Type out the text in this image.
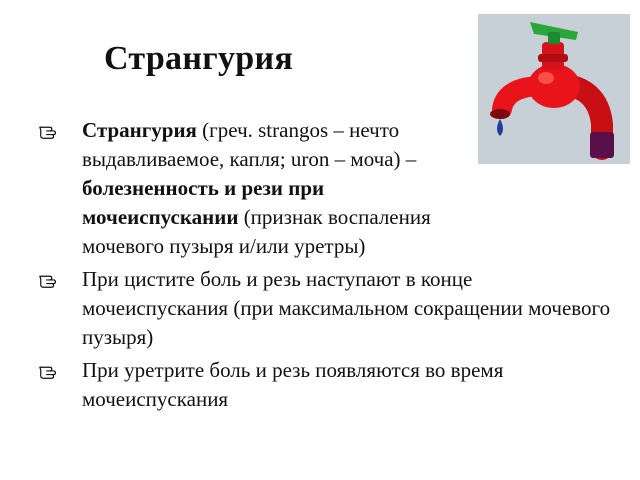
Странгурия
Странгурия (греч. strangos – нечто выдавливаемое, капля; uron – моча) – болезненность и рези при мочеиспускании (признак воспаления мочевого пузыря и/или уретры)
При цистите боль и резь наступают в конце мочеиспускания (при максимальном сокращении мочевого пузыря)
При уретрите боль и резь появляются во время мочеиспускания
